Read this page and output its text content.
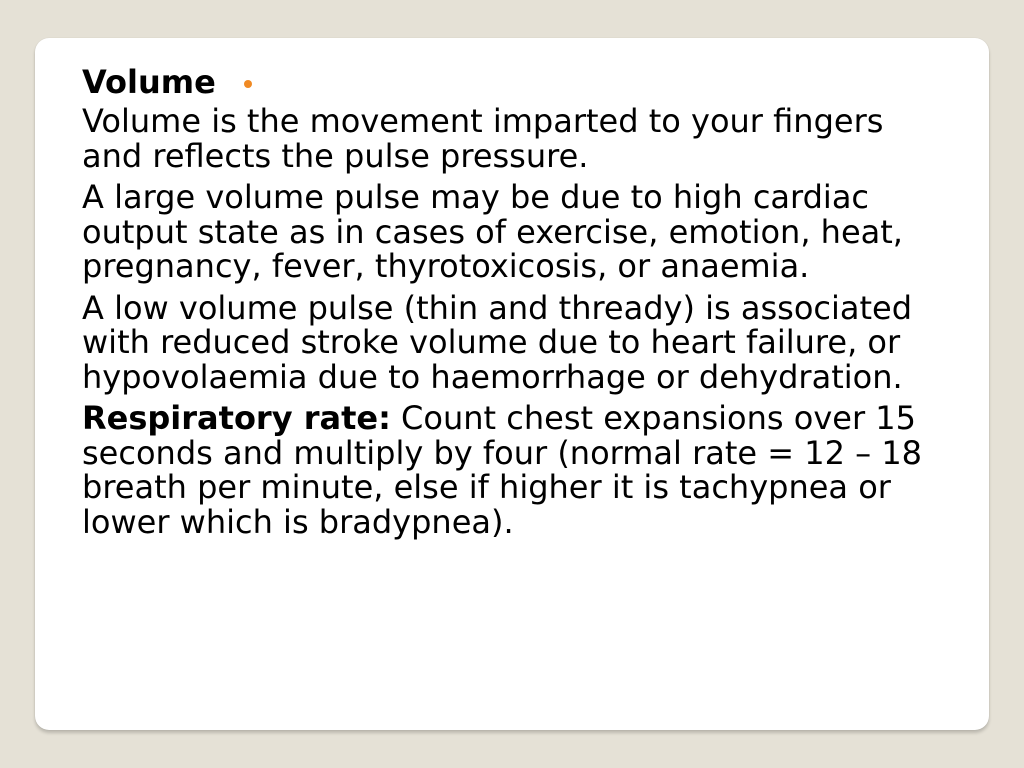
Volume

Volume is the movement imparted to your fingers and reflects the pulse pressure.

A large volume pulse may be due to high cardiac output state as in cases of exercise, emotion, heat, pregnancy, fever, thyrotoxicosis, or anaemia.

A low volume pulse (thin and thready) is associated with reduced stroke volume due to heart failure, or hypovolaemia due to haemorrhage or dehydration.

Respiratory rate: Count chest expansions over 15 seconds and multiply by four (normal rate = 12 – 18 breath per minute, else if higher it is tachypnea or lower which is bradypnea).
